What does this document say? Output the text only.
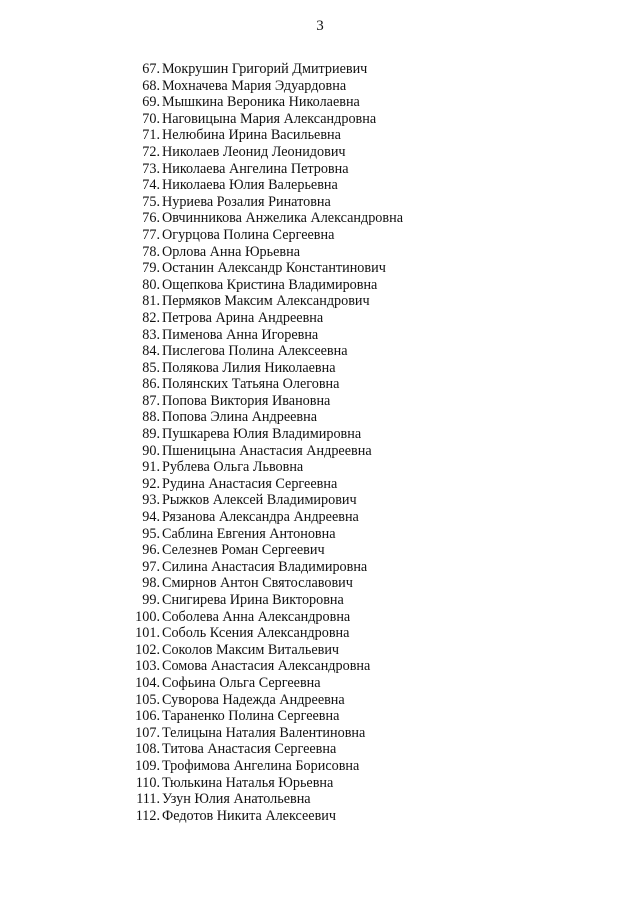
3
67. Мокрушин Григорий Дмитриевич
68. Мохначева Мария Эдуардовна
69. Мышкина Вероника Николаевна
70. Наговицына Мария Александровна
71. Нелюбина Ирина Васильевна
72. Николаев Леонид Леонидович
73. Николаева Ангелина Петровна
74. Николаева Юлия Валерьевна
75. Нуриева Розалия Ринатовна
76. Овчинникова Анжелика Александровна
77. Огурцова Полина Сергеевна
78. Орлова Анна Юрьевна
79. Останин Александр Константинович
80. Ощепкова Кристина Владимировна
81. Пермяков Максим Александрович
82. Петрова Арина Андреевна
83. Пименова Анна Игоревна
84. Пислегова Полина Алексеевна
85. Полякова Лилия Николаевна
86. Полянских Татьяна Олеговна
87. Попова Виктория Ивановна
88. Попова Элина Андреевна
89. Пушкарева Юлия Владимировна
90. Пшеницына Анастасия Андреевна
91. Рублева Ольга Львовна
92. Рудина Анастасия Сергеевна
93. Рыжков Алексей Владимирович
94. Рязанова Александра Андреевна
95. Саблина Евгения Антоновна
96. Селезнев Роман Сергеевич
97. Силина Анастасия Владимировна
98. Смирнов Антон Святославович
99. Снигирева Ирина Викторовна
100. Соболева Анна Александровна
101. Соболь Ксения Александровна
102. Соколов Максим Витальевич
103. Сомова Анастасия Александровна
104. Софьина Ольга Сергеевна
105. Суворова Надежда Андреевна
106. Тараненко Полина Сергеевна
107. Телицына Наталия Валентиновна
108. Титова Анастасия Сергеевна
109. Трофимова Ангелина Борисовна
110. Тюлькина Наталья Юрьевна
111. Узун Юлия Анатольевна
112. Федотов Никита Алексеевич
